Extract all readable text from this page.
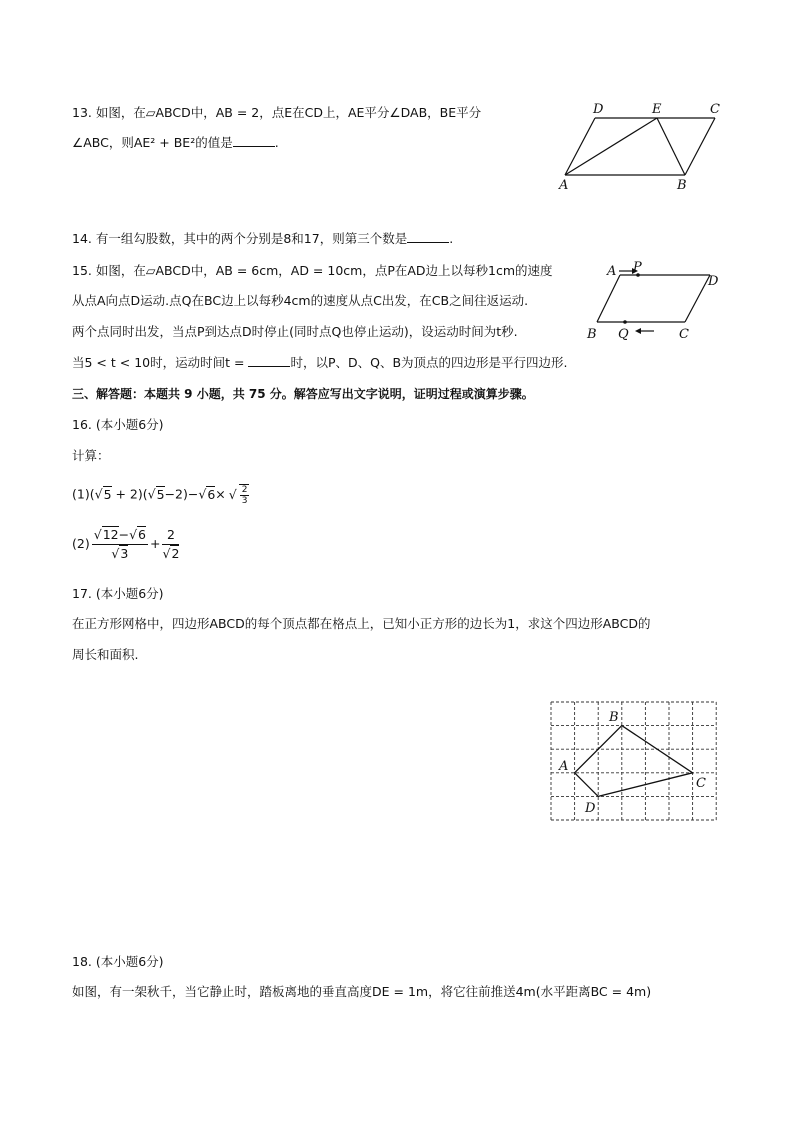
13. 如图，在▱ABCD中，AB = 2，点E在CD上，AE平分∠DAB，BE平分
∠ABC，则AE² + BE²的值是	.
D	E	C
A	B
14. 有一组勾股数，其中的两个分别是8和17，则第三个数是	.
15. 如图，在▱ABCD中，AB = 6cm，AD = 10cm，点P在AD边上以每秒1cm的速度
从点A向点D运动.点Q在BC边上以每秒4cm的速度从点C出发，在CB之间往返运动.
两个点同时出发，当点P到达点D时停止(同时点Q也停止运动)，设运动时间为t秒.
当5 < t < 10时，运动时间t =	时，以P、D、Q、B为顶点的四边形是平行四边形.
A P
D
B Q	C
三、解答题：本题共 9 小题，共 75 分。解答应写出文字说明，证明过程或演算步骤。
16. (本小题6分)
计算：
(1)(√5 + 2)(√5−2)−√6× √ $\frac{2}{3}$
$(2) \frac{√12-√6}{√3} + \frac{2}{√2}$
17. (本小题6分)
在正方形网格中，四边形ABCD的每个顶点都在格点上，已知小正方形的边长为1，求这个四边形ABCD的
周长和面积.
B
A
C
D
18. (本小题6分)
如图，有一架秋千，当它静止时，踏板离地的垂直高度DE = 1m，将它往前推送4m(水平距离BC = 4m)
